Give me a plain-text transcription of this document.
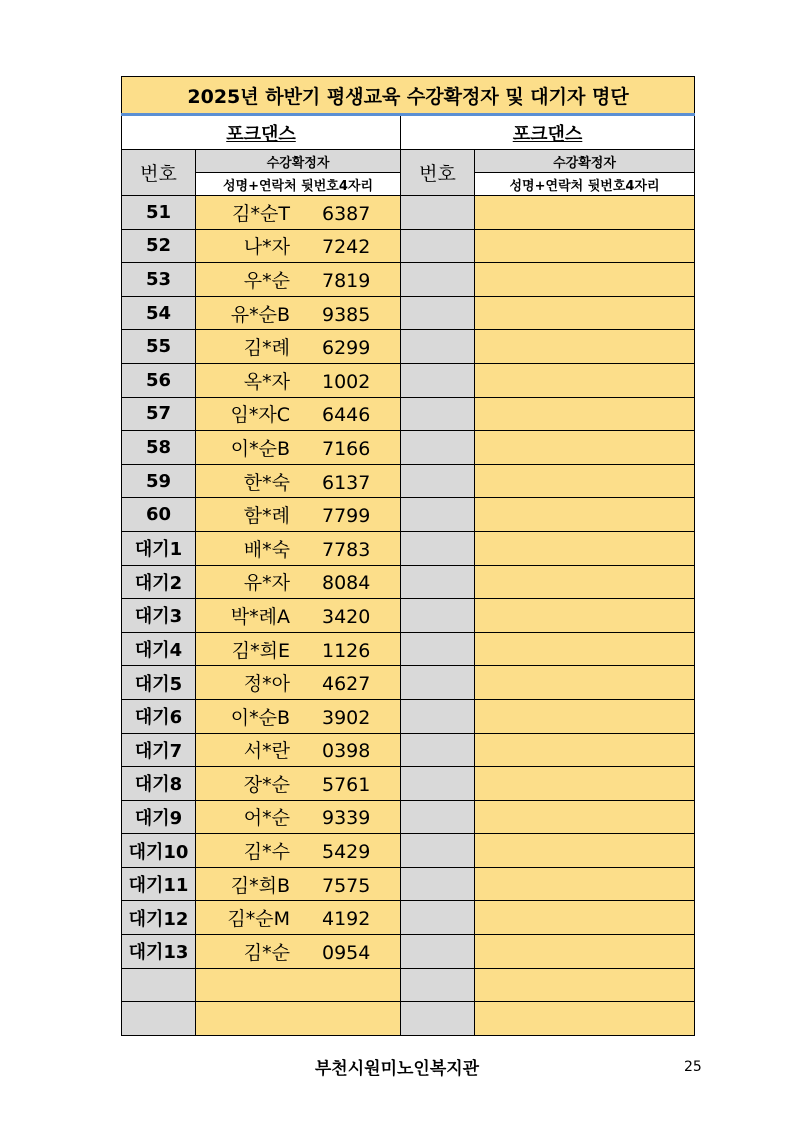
2025년 하반기 평생교육 수강확정자 및 대기자 명단			
포크댄스		포크댄스	
번호	수강확정자	번호	수강확정자
	성명+연락처 뒷번호4자리		성명+연락처 뒷번호4자리
51	김*순T 6387		
52	나*자 7242		
53	우*순 7819		
54	유*순B 9385		
55	김*례 6299		
56	옥*자 1002		
57	임*자C 6446		
58	이*순B 7166		
59	한*숙 6137		
60	함*례 7799		
대기1	배*숙 7783		
대기2	유*자 8084		
대기3	박*례A 3420		
대기4	김*희E 1126		
대기5	정*아 4627		
대기6	이*순B 3902		
대기7	서*란 0398		
대기8	장*순 5761		
대기9	어*순 9339		
대기10	김*수 5429		
대기11	김*희B 7575		
대기12	김*순M 4192		
대기13	김*순 0954		

부천시원미노인복지관	25
